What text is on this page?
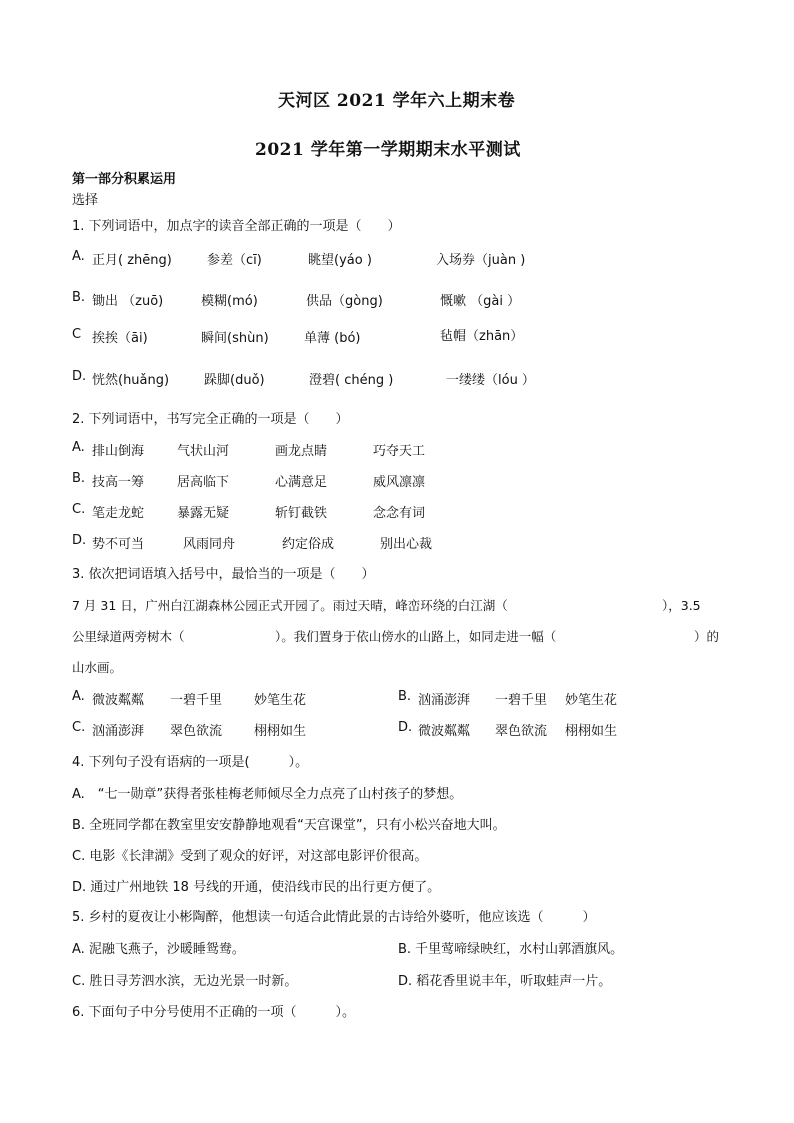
天河区 2021 学年六上期末卷
2021 学年第一学期期末水平测试
第一部分积累运用
选择
1. 下列词语中，加点字的读音全部正确的一项是（　　）
A. 正月( zhēng)	参差（cī)	眺望(yáo )	入场券（juàn )
B. 锄出 （zuō)	模糊(mó)	供品（gòng)	慨嗽 （gài ）
C 挨挨（āi)	瞬间(shùn)	单薄 (bó)	毡帽（zhān）
D. 恍然(huǎng)	跺脚(duǒ)	澄碧( chéng )	一缕缕（lóu ）
2. 下列词语中，书写完全正确的一项是（　　）
A. 排山倒海	气状山河	画龙点睛	巧夺天工
B. 技高一筹	居高临下	心满意足	威风凛凛
C. 笔走龙蛇	暴露无疑	斩钉截铁	念念有词
D. 势不可当	风雨同舟	约定俗成	别出心裁
3. 依次把词语填入括号中，最恰当的一项是（　　）
7 月 31 日，广州白江湖森林公园正式开园了。雨过天晴，峰峦环绕的白江湖（	），3.5
公里绿道两旁树木（	）。我们置身于依山傍水的山路上，如同走进一幅（	）的
山水画。
A. 微波粼粼 一碧千里 妙笔生花	B. 汹涌澎湃 一碧千里 妙笔生花
C. 汹涌澎湃 翠色欲流 栩栩如生	D. 微波粼粼 翠色欲流 栩栩如生
4. 下列句子没有语病的一项是(　　　）。
A.　“七一勋章”获得者张桂梅老师倾尽全力点亮了山村孩子的梦想。
B. 全班同学都在教室里安安静静地观看“天宫课堂”，只有小松兴奋地大叫。
C. 电影《长津湖》受到了观众的好评，对这部电影评价很高。
D. 通过广州地铁 18 号线的开通，使沿线市民的出行更方便了。
5. 乡村的夏夜让小彬陶醉，他想读一句适合此情此景的古诗给外婆听，他应该选（　　　）
A. 泥融飞燕子，沙暖睡鸳鸯。	B. 千里莺啼绿映红，水村山郭酒旗风。
C. 胜日寻芳泗水滨，无边光景一时新。	D. 稻花香里说丰年，听取蛙声一片。
6. 下面句子中分号使用不正确的一项（　　　）。
